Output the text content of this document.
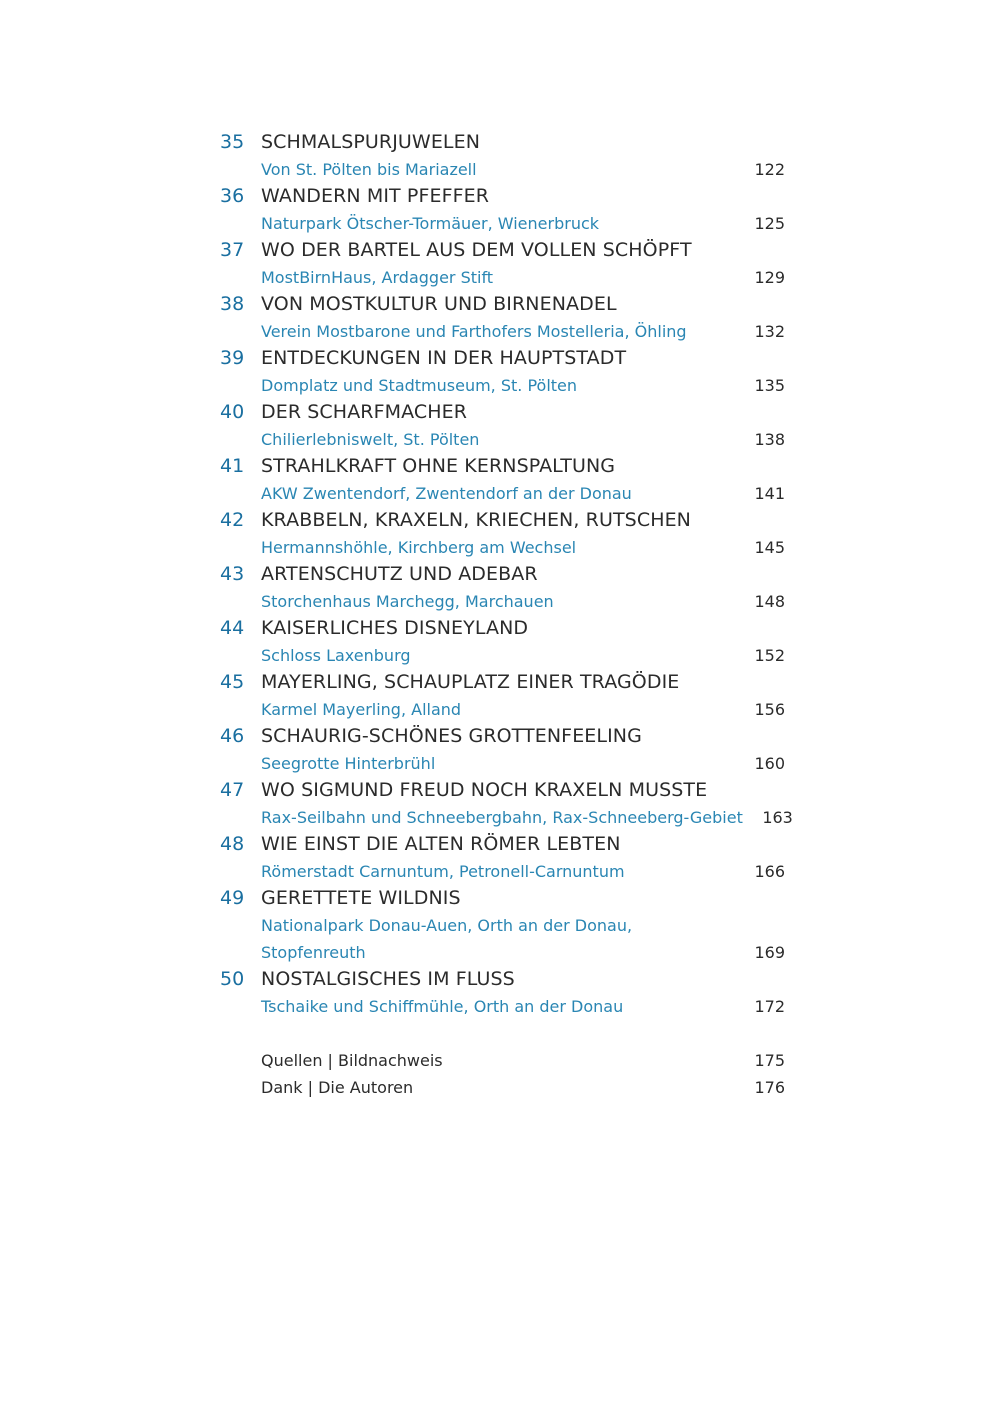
35 SCHMALSPURJUWELEN
Von St. Pölten bis Mariazell	122
36 WANDERN MIT PFEFFER
Naturpark Ötscher-Tormäuer, Wienerbruck	125
37 WO DER BARTEL AUS DEM VOLLEN SCHÖPFT
MostBirnHaus, Ardagger Stift	129
38 VON MOSTKULTUR UND BIRNENADEL
Verein Mostbarone und Farthofers Mostelleria, Öhling	132
39 ENTDECKUNGEN IN DER HAUPTSTADT
Domplatz und Stadtmuseum, St. Pölten	135
40 DER SCHARFMACHER
Chilierlebniswelt, St. Pölten	138
41 STRAHLKRAFT OHNE KERNSPALTUNG
AKW Zwentendorf, Zwentendorf an der Donau	141
42 KRABBELN, KRAXELN, KRIECHEN, RUTSCHEN
Hermannshöhle, Kirchberg am Wechsel	145
43 ARTENSCHUTZ UND ADEBAR
Storchenhaus Marchegg, Marchauen	148
44 KAISERLICHES DISNEYLAND
Schloss Laxenburg	152
45 MAYERLING, SCHAUPLATZ EINER TRAGÖDIE
Karmel Mayerling, Alland	156
46 SCHAURIG-SCHÖNES GROTTENFEELING
Seegrotte Hinterbrühl	160
47 WO SIGMUND FREUD NOCH KRAXELN MUSSTE
Rax-Seilbahn und Schneebergbahn, Rax-Schneeberg-Gebiet	163
48 WIE EINST DIE ALTEN RÖMER LEBTEN
Römerstadt Carnuntum, Petronell-Carnuntum	166
49 GERETTETE WILDNIS
Nationalpark Donau-Auen, Orth an der Donau,
Stopfenreuth	169
50 NOSTALGISCHES IM FLUSS
Tschaike und Schiffmühle, Orth an der Donau	172
Quellen | Bildnachweis	175
Dank | Die Autoren	176
